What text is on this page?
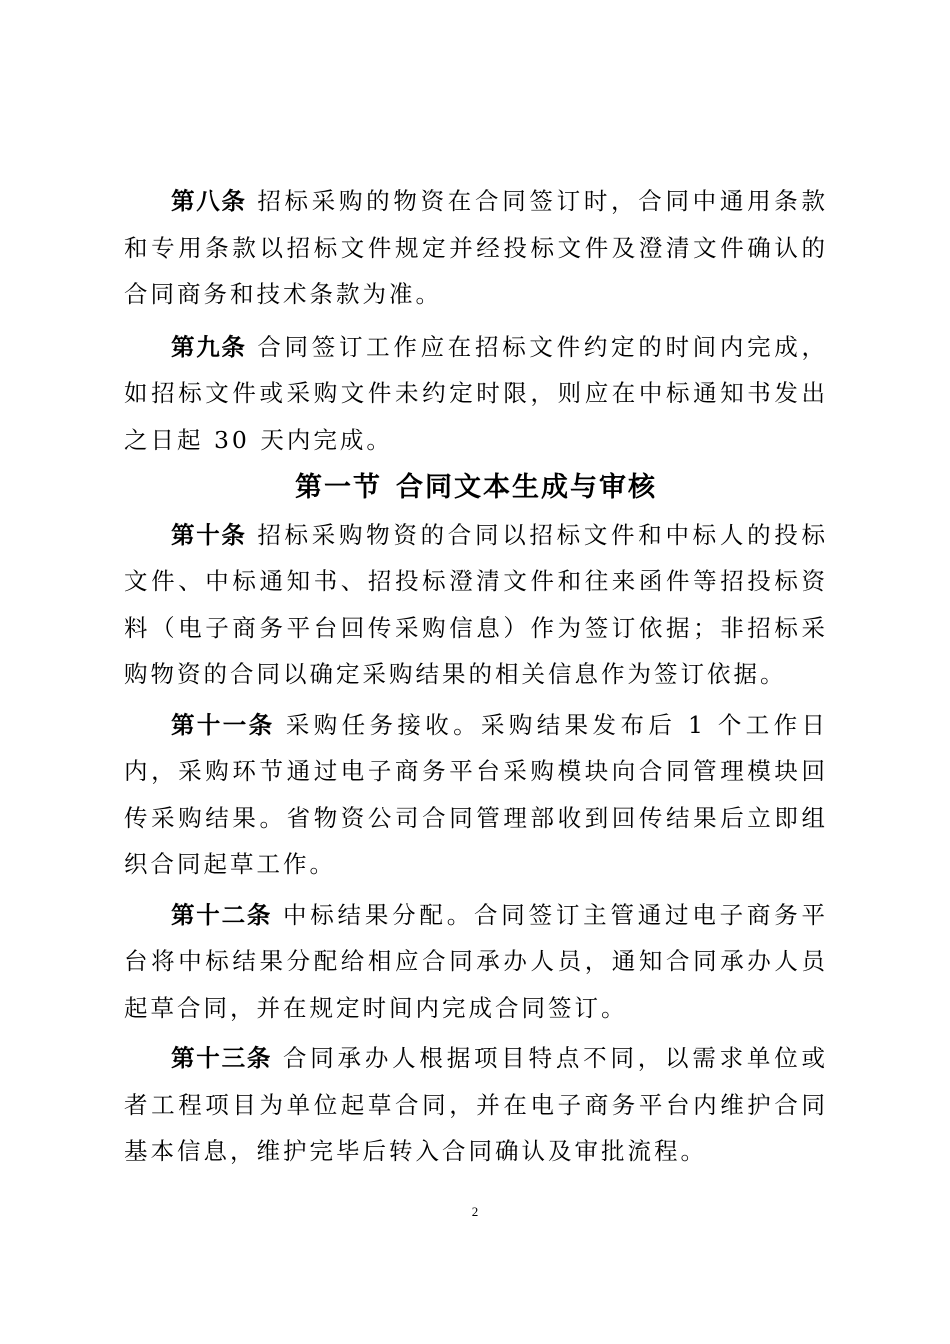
第八条 招标采购的物资在合同签订时，合同中通用条款和专用条款以招标文件规定并经投标文件及澄清文件确认的合同商务和技术条款为准。

第九条 合同签订工作应在招标文件约定的时间内完成，如招标文件或采购文件未约定时限，则应在中标通知书发出之日起 30 天内完成。

第一节 合同文本生成与审核

第十条 招标采购物资的合同以招标文件和中标人的投标文件、中标通知书、招投标澄清文件和往来函件等招投标资料（电子商务平台回传采购信息）作为签订依据；非招标采购物资的合同以确定采购结果的相关信息作为签订依据。

第十一条 采购任务接收。采购结果发布后 1 个工作日内，采购环节通过电子商务平台采购模块向合同管理模块回传采购结果。省物资公司合同管理部收到回传结果后立即组织合同起草工作。

第十二条 中标结果分配。合同签订主管通过电子商务平台将中标结果分配给相应合同承办人员，通知合同承办人员起草合同，并在规定时间内完成合同签订。

第十三条 合同承办人根据项目特点不同，以需求单位或者工程项目为单位起草合同，并在电子商务平台内维护合同基本信息，维护完毕后转入合同确认及审批流程。

2
